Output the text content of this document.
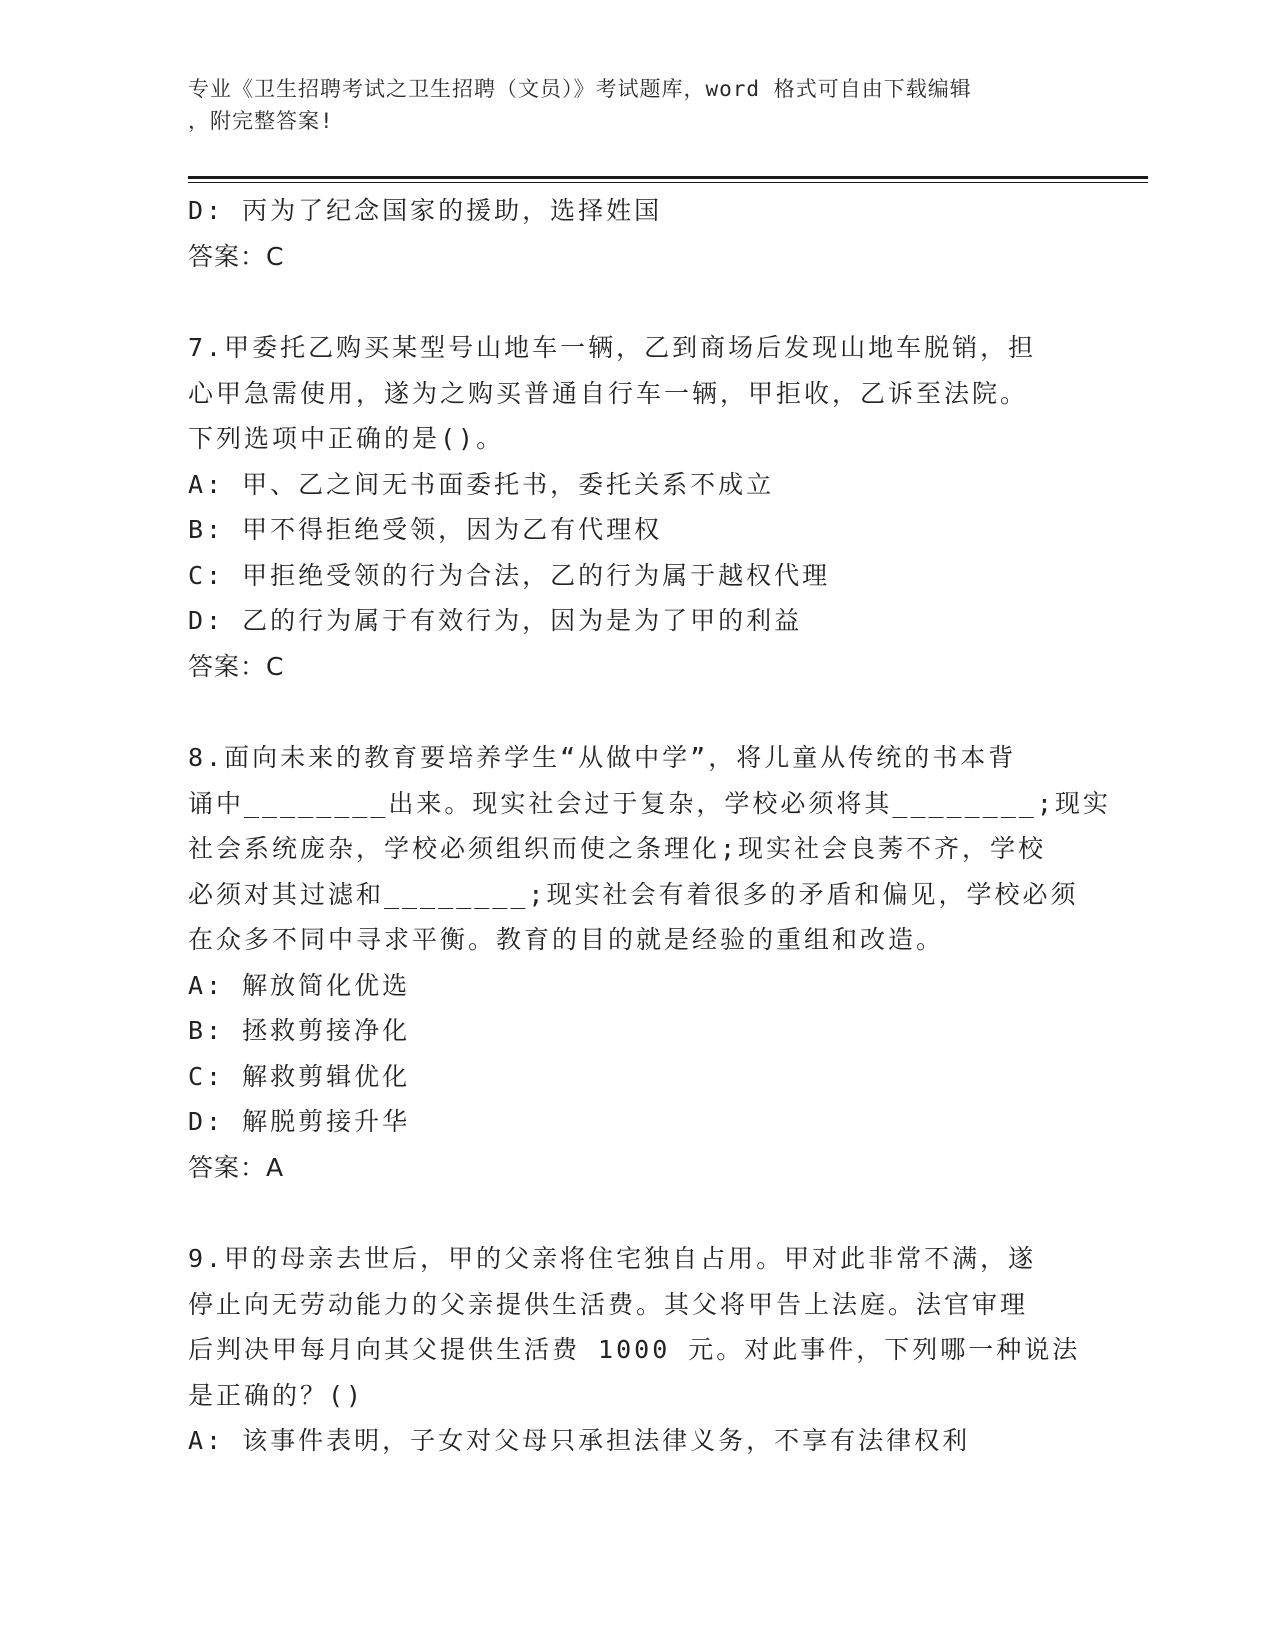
专业《卫生招聘考试之卫生招聘（文员）》考试题库，word 格式可自由下载编辑
，附完整答案!
D: 丙为了纪念国家的援助，选择姓国
答案：C
7.甲委托乙购买某型号山地车一辆，乙到商场后发现山地车脱销，担
心甲急需使用，遂为之购买普通自行车一辆，甲拒收，乙诉至法院。
下列选项中正确的是()。
A: 甲、乙之间无书面委托书，委托关系不成立
B: 甲不得拒绝受领，因为乙有代理权
C: 甲拒绝受领的行为合法，乙的行为属于越权代理
D: 乙的行为属于有效行为，因为是为了甲的利益
答案：C
8.面向未来的教育要培养学生“从做中学”，将儿童从传统的书本背
诵中________出来。现实社会过于复杂，学校必须将其________;现实
社会系统庞杂，学校必须组织而使之条理化;现实社会良莠不齐，学校
必须对其过滤和________;现实社会有着很多的矛盾和偏见，学校必须
在众多不同中寻求平衡。教育的目的就是经验的重组和改造。
A: 解放简化优选
B: 拯救剪接净化
C: 解救剪辑优化
D: 解脱剪接升华
答案：A
9.甲的母亲去世后，甲的父亲将住宅独自占用。甲对此非常不满，遂
停止向无劳动能力的父亲提供生活费。其父将甲告上法庭。法官审理
后判决甲每月向其父提供生活费 1000 元。对此事件，下列哪一种说法
是正确的？()
A: 该事件表明，子女对父母只承担法律义务，不享有法律权利
